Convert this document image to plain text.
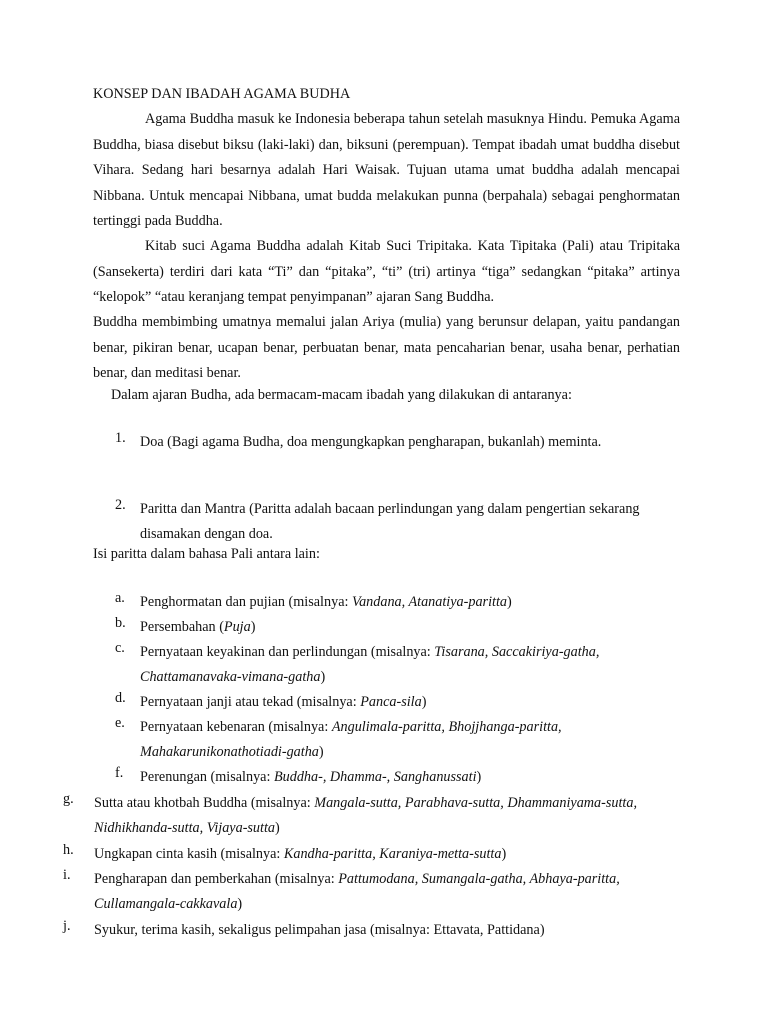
KONSEP DAN IBADAH AGAMA BUDHA
Agama Buddha masuk ke Indonesia beberapa tahun setelah masuknya Hindu. Pemuka Agama Buddha, biasa disebut biksu (laki-laki) dan, biksuni (perempuan). Tempat ibadah umat buddha disebut Vihara. Sedang hari besarnya adalah Hari Waisak. Tujuan utama umat buddha adalah mencapai Nibbana. Untuk mencapai Nibbana, umat budda melakukan punna (berpahala) sebagai penghormatan tertinggi pada Buddha.
Kitab suci Agama Buddha adalah Kitab Suci Tripitaka. Kata Tipitaka (Pali) atau Tripitaka (Sansekerta) terdiri dari kata “Ti” dan “pitaka”, “ti” (tri) artinya “tiga” sedangkan “pitaka” artinya “kelopok” “atau keranjang tempat penyimpanan” ajaran Sang Buddha.
Buddha membimbing umatnya memalui jalan Ariya (mulia) yang berunsur delapan, yaitu pandangan benar, pikiran benar, ucapan benar, perbuatan benar, mata pencaharian benar, usaha benar, perhatian benar, dan meditasi benar.
Dalam ajaran Budha, ada bermacam-macam ibadah yang dilakukan di antaranya:
1. Doa (Bagi agama Budha, doa mengungkapkan pengharapan, bukanlah) meminta.
2. Paritta dan Mantra (Paritta adalah bacaan perlindungan yang dalam pengertian sekarang disamakan dengan doa.
Isi paritta dalam bahasa Pali antara lain:
a. Penghormatan dan pujian (misalnya: Vandana, Atanatiya-paritta)
b. Persembahan (Puja)
c. Pernyataan keyakinan dan perlindungan (misalnya: Tisarana, Saccakiriya-gatha, Chattamanavaka-vimana-gatha)
d. Pernyataan janji atau tekad (misalnya: Panca-sila)
e. Pernyataan kebenaran (misalnya: Angulimala-paritta, Bhojjhanga-paritta, Mahakarunikonathotiadi-gatha)
f. Perenungan (misalnya: Buddha-, Dhamma-, Sanghanussati)
g. Sutta atau khotbah Buddha (misalnya: Mangala-sutta, Parabhava-sutta, Dhammaniyama-sutta, Nidhikhanda-sutta, Vijaya-sutta)
h. Ungkapan cinta kasih (misalnya: Kandha-paritta, Karaniya-metta-sutta)
i. Pengharapan dan pemberkahan (misalnya: Pattumodana, Sumangala-gatha, Abhaya-paritta, Cullamangala-cakkavala)
j. Syukur, terima kasih, sekaligus pelimpahan jasa (misalnya: Ettavata, Pattidana)
